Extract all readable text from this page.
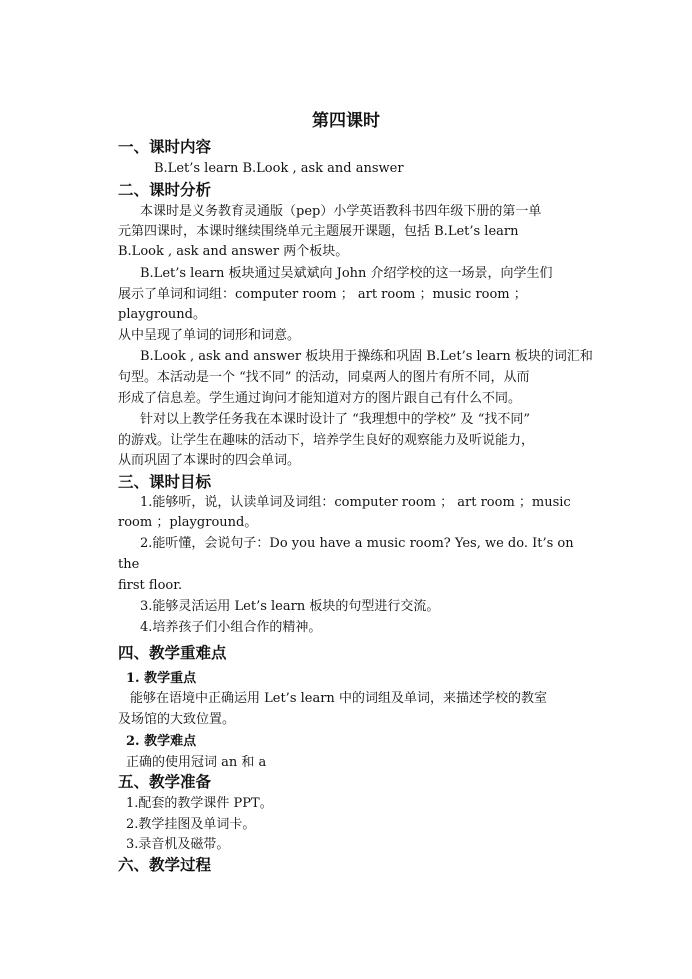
第四课时
一、课时内容
B.Let’s learn B.Look , ask and answer
二、课时分析
本课时是义务教育灵通版（pep）小学英语教科书四年级下册的第一单
元第四课时，本课时继续围绕单元主题展开课题，包括 B.Let’s learn
B.Look , ask and answer 两个板块。
B.Let’s learn 板块通过吴斌斌向 John 介绍学校的这一场景，向学生们
展示了单词和词组：computer room ； art room ；music room ；
playground。
从中呈现了单词的词形和词意。
B.Look , ask and answer 板块用于操练和巩固 B.Let’s learn 板块的词汇和
句型。本活动是一个 “找不同” 的活动，同桌两人的图片有所不同，从而
形成了信息差。学生通过询问才能知道对方的图片跟自己有什么不同。
针对以上教学任务我在本课时设计了 “我理想中的学校” 及 “找不同”
的游戏。让学生在趣味的活动下，培养学生良好的观察能力及听说能力，
从而巩固了本课时的四会单词。
三、课时目标
1.能够听，说，认读单词及词组：computer room ； art room ；music
room ；playground。
2.能听懂，会说句子：Do you have a music room? Yes, we do. It’s on
the
first floor.
3.能够灵活运用 Let’s learn 板块的句型进行交流。
4.培养孩子们小组合作的精神。
四、教学重难点
1. 教学重点
能够在语境中正确运用 Let’s learn 中的词组及单词，来描述学校的教室
及场馆的大致位置。
2. 教学难点
正确的使用冠词 an 和 a
五、教学准备
1.配套的教学课件 PPT。
2.教学挂图及单词卡。
3.录音机及磁带。
六、教学过程
